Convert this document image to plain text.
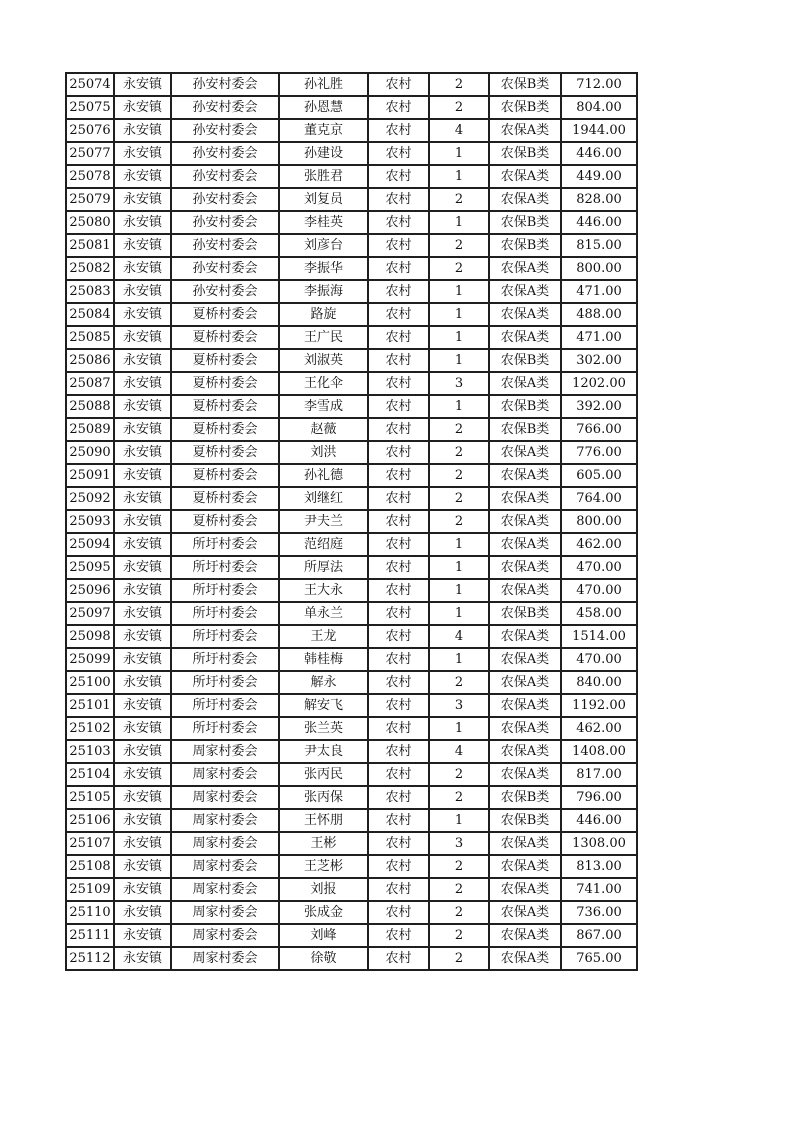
25074	永安镇	孙安村委会	孙礼胜	农村	2	农保B类	712.00
25075	永安镇	孙安村委会	孙恩慧	农村	2	农保B类	804.00
25076	永安镇	孙安村委会	董克京	农村	4	农保A类	1944.00
25077	永安镇	孙安村委会	孙建设	农村	1	农保B类	446.00
25078	永安镇	孙安村委会	张胜君	农村	1	农保A类	449.00
25079	永安镇	孙安村委会	刘复员	农村	2	农保A类	828.00
25080	永安镇	孙安村委会	李桂英	农村	1	农保B类	446.00
25081	永安镇	孙安村委会	刘彦台	农村	2	农保B类	815.00
25082	永安镇	孙安村委会	李振华	农村	2	农保A类	800.00
25083	永安镇	孙安村委会	李振海	农村	1	农保A类	471.00
25084	永安镇	夏桥村委会	路旋	农村	1	农保A类	488.00
25085	永安镇	夏桥村委会	王广民	农村	1	农保A类	471.00
25086	永安镇	夏桥村委会	刘淑英	农村	1	农保B类	302.00
25087	永安镇	夏桥村委会	王化伞	农村	3	农保A类	1202.00
25088	永安镇	夏桥村委会	李雪成	农村	1	农保B类	392.00
25089	永安镇	夏桥村委会	赵薇	农村	2	农保B类	766.00
25090	永安镇	夏桥村委会	刘洪	农村	2	农保A类	776.00
25091	永安镇	夏桥村委会	孙礼德	农村	2	农保A类	605.00
25092	永安镇	夏桥村委会	刘继红	农村	2	农保A类	764.00
25093	永安镇	夏桥村委会	尹夫兰	农村	2	农保A类	800.00
25094	永安镇	所圩村委会	范绍庭	农村	1	农保A类	462.00
25095	永安镇	所圩村委会	所厚法	农村	1	农保A类	470.00
25096	永安镇	所圩村委会	王大永	农村	1	农保A类	470.00
25097	永安镇	所圩村委会	单永兰	农村	1	农保B类	458.00
25098	永安镇	所圩村委会	王龙	农村	4	农保A类	1514.00
25099	永安镇	所圩村委会	韩桂梅	农村	1	农保A类	470.00
25100	永安镇	所圩村委会	解永	农村	2	农保A类	840.00
25101	永安镇	所圩村委会	解安飞	农村	3	农保A类	1192.00
25102	永安镇	所圩村委会	张兰英	农村	1	农保A类	462.00
25103	永安镇	周家村委会	尹太良	农村	4	农保A类	1408.00
25104	永安镇	周家村委会	张丙民	农村	2	农保A类	817.00
25105	永安镇	周家村委会	张丙保	农村	2	农保B类	796.00
25106	永安镇	周家村委会	王怀朋	农村	1	农保B类	446.00
25107	永安镇	周家村委会	王彬	农村	3	农保A类	1308.00
25108	永安镇	周家村委会	王芝彬	农村	2	农保A类	813.00
25109	永安镇	周家村委会	刘报	农村	2	农保A类	741.00
25110	永安镇	周家村委会	张成金	农村	2	农保A类	736.00
25111	永安镇	周家村委会	刘峰	农村	2	农保A类	867.00
25112	永安镇	周家村委会	徐敬	农村	2	农保A类	765.00
